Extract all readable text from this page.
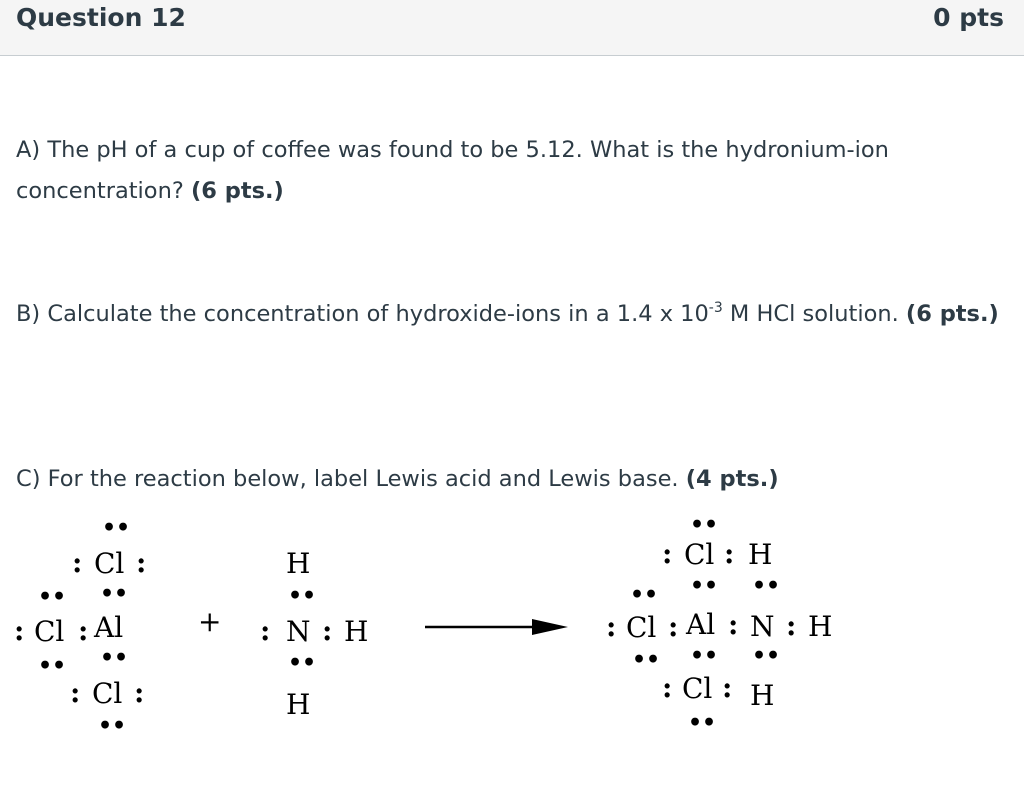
Question 12	0 pts
A) The pH of a cup of coffee was found to be 5.12. What is the hydronium-ion concentration? (6 pts.)
B) Calculate the concentration of hydroxide-ions in a 1.4 x $10^{-3}$ M HCl solution. (6 pts.)
C) For the reaction below, label Lewis acid and Lewis base. (4 pts.)
••
: Cl :
••
••
: Cl : Al
•• ••
: Cl :
••
+
H
••
: N : H
••
H
••
: Cl : H
•• ••
••
: Cl : Al : N : H
•• •• ••
: Cl : H
••
